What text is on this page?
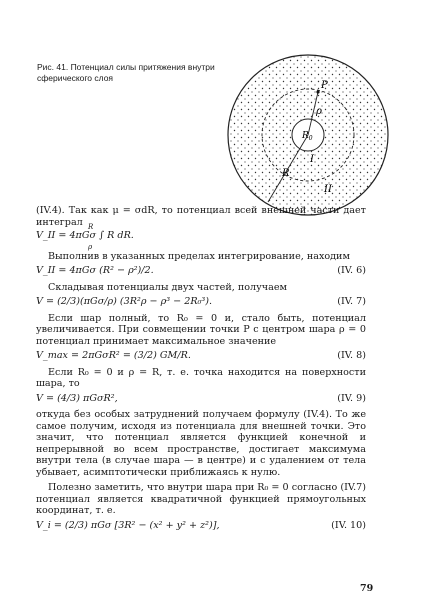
Рис. 41. Потенциал силы притяжения внутри сферического слоя
P
ρ
$R_0$
R
I
II

(IV.4). Так как μ = σdR, то потенциал всей внешней части дает интеграл R
V_II = 4πGσ ∫ R dR.
ρ

Выполнив в указанных пределах интегрирование, находим

V_II = 4πGσ (R² − ρ²)/2.	(IV. 6)

Складывая потенциалы двух частей, получаем

V = (2/3)(πGσ/ρ) (3R²ρ − ρ³ − 2R₀³).	(IV. 7)

Если шар полный, то R₀ = 0 и, стало быть, потенциал увеличивается. При совмещении точки P с центром шара ρ = 0 потенциал принимает максимальное значение

V_max = 2πGσR² = (3/2) GM/R.	(IV. 8)

Если R₀ = 0 и ρ = R, т. е. точка находится на поверхности шара, то

V = (4/3) πGσR²,	(IV. 9)

откуда без особых затруднений получаем формулу (IV.4). То же самое получим, исходя из потенциала для внешней точки. Это значит, что потенциал является функцией конечной и непрерывной во всем пространстве, достигает максимума внутри тела (в случае шара — в центре) и с удалением от тела убывает, асимптотически приближаясь к нулю.

Полезно заметить, что внутри шара при R₀ = 0 согласно (IV.7) потенциал является квадратичной функцией прямоугольных координат, т. е.

V_i = (2/3) πGσ [3R² − (x² + y² + z²)],	(IV. 10)
79
